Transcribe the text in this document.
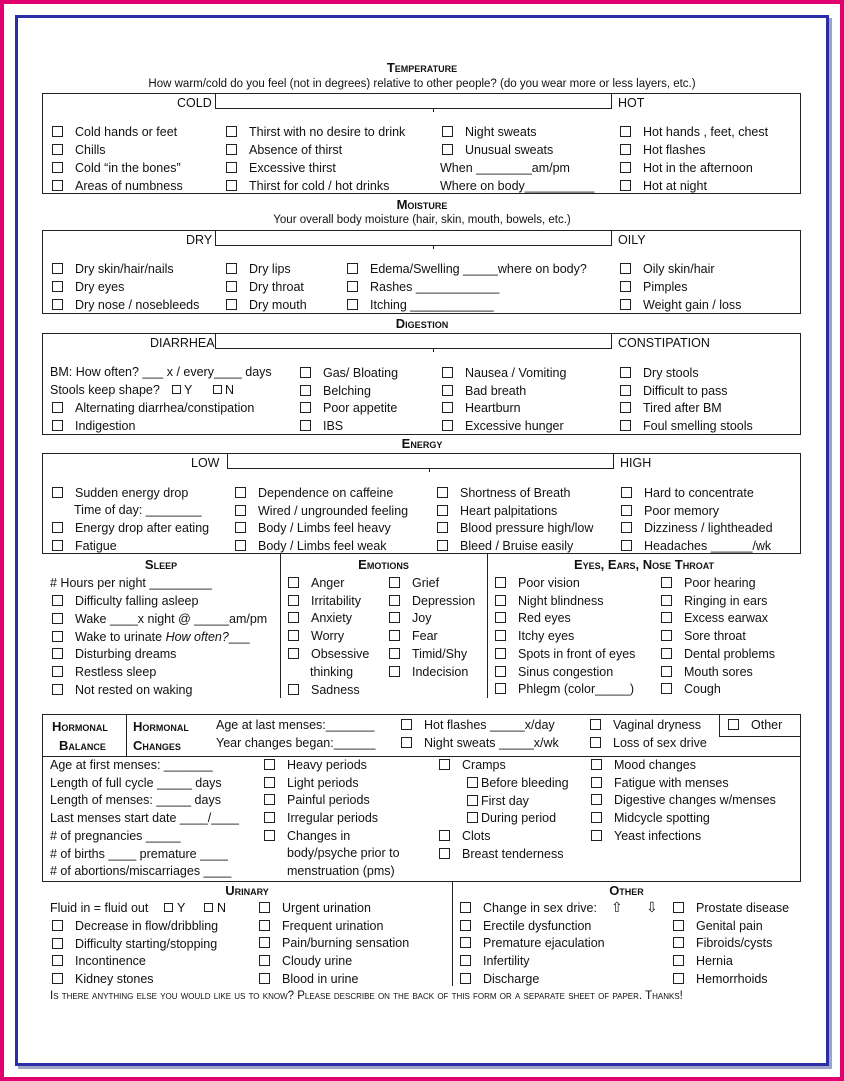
Temperature
How warm/cold do you feel (not in degrees) relative to other people? (do you wear more or less layers, etc.)
COLD	HOT
Cold hands or feet
Chills
Cold “in the bones”
Areas of numbness
Thirst with no desire to drink
Absence of thirst
Excessive thirst
Thirst for cold / hot drinks
Night sweats
Unusual sweats
When ________am/pm
Where on body__________
Hot hands , feet, chest
Hot flashes
Hot in the afternoon
Hot at night
Moisture
Your overall body moisture (hair, skin, mouth, bowels, etc.)
DRY	OILY
Dry skin/hair/nails
Dry eyes
Dry nose / nosebleeds
Dry lips
Dry throat
Dry mouth
Edema/Swelling _____where on body?
Rashes ____________
Itching ____________
Oily skin/hair
Pimples
Weight gain / loss
Digestion
DIARRHEA	CONSTIPATION
BM: How often? ___ x / every____ days
Stools keep shape? Y	N
Alternating diarrhea/constipation
Indigestion
Gas/ Bloating
Belching
Poor appetite
IBS
Nausea / Vomiting
Bad breath
Heartburn
Excessive hunger
Dry stools
Difficult to pass
Tired after BM
Foul smelling stools
Energy
LOW	HIGH
Sudden energy drop
Time of day: ________
Energy drop after eating
Fatigue
Dependence on caffeine
Wired / ungrounded feeling
Body / Limbs feel heavy
Body / Limbs feel weak
Shortness of Breath
Heart palpitations
Blood pressure high/low
Bleed / Bruise easily
Hard to concentrate
Poor memory
Dizziness / lightheaded
Headaches ______/wk
Sleep	Emotions	Eyes, Ears, Nose Throat
# Hours per night _________
Difficulty falling asleep
Wake ____x night @ _____am/pm
Wake to urinate How often?___
Disturbing dreams
Restless sleep
Not rested on waking
Anger
Irritability
Anxiety
Worry
Obsessive
thinking
Sadness
Grief
Depression
Joy
Fear
Timid/Shy
Indecision
Poor vision
Night blindness
Red eyes
Itchy eyes
Spots in front of eyes
Sinus congestion
Phlegm (color_____)
Poor hearing
Ringing in ears
Excess earwax
Sore throat
Dental problems
Mouth sores
Cough
Hormonal
Balance
Hormonal
Changes
Age at last menses:_______
Year changes began:______
Hot flashes _____x/day
Night sweats _____x/wk
Vaginal dryness
Loss of sex drive
Other
Age at first menses: _______
Length of full cycle _____ days
Length of menses: _____ days
Last menses start date ____/____
# of pregnancies _____
# of births ____ premature ____
# of abortions/miscarriages ____
Heavy periods
Light periods
Painful periods
Irregular periods
Changes in
body/psyche prior to
menstruation (pms)
Cramps
Before bleeding
First day
During period
Clots
Breast tenderness
Mood changes
Fatigue with menses
Digestive changes w/menses
Midcycle spotting
Yeast infections
Urinary	Other
Fluid in = fluid out Y	N
Decrease in flow/dribbling
Difficulty starting/stopping
Incontinence
Kidney stones
Urgent urination
Frequent urination
Pain/burning sensation
Cloudy urine
Blood in urine
Change in sex drive:
Erectile dysfunction
Premature ejaculation
Infertility
Discharge
⇧ ⇩	Prostate disease
Genital pain
Fibroids/cysts
Hernia
Hemorrhoids
Is there anything else you would like us to know? Please describe on the back of this form or a separate sheet of paper. Thanks!
